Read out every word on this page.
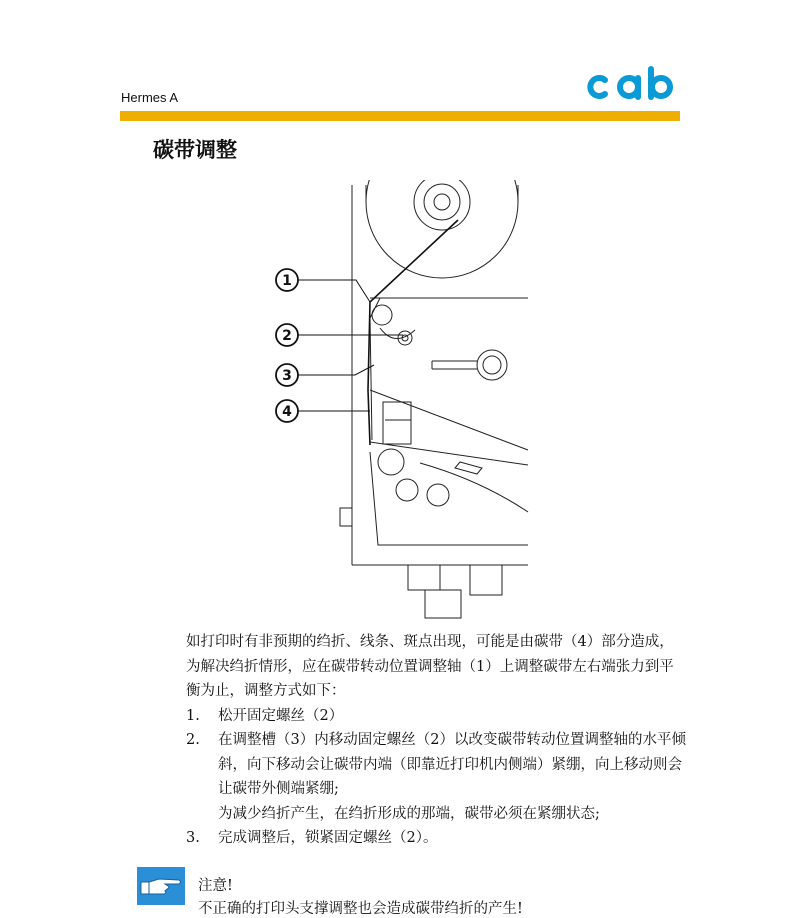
Hermes A
cab
碳带调整
1
2
3
4

如打印时有非预期的绉折、线条、斑点出现，可能是由碳带（4）部分造成，为解决绉折情形，应在碳带转动位置调整轴（1）上调整碳带左右端张力到平衡为止，调整方式如下：

1. 松开固定螺丝（2）
2. 在调整槽（3）内移动固定螺丝（2）以改变碳带转动位置调整轴的水平倾斜，向下移动会让碳带内端（即靠近打印机内侧端）紧绷，向上移动则会让碳带外侧端紧绷;
为减少绉折产生，在绉折形成的那端，碳带必须在紧绷状态;
3. 完成调整后，锁紧固定螺丝（2）。
注意!
不正确的打印头支撑调整也会造成碳带绉折的产生!
